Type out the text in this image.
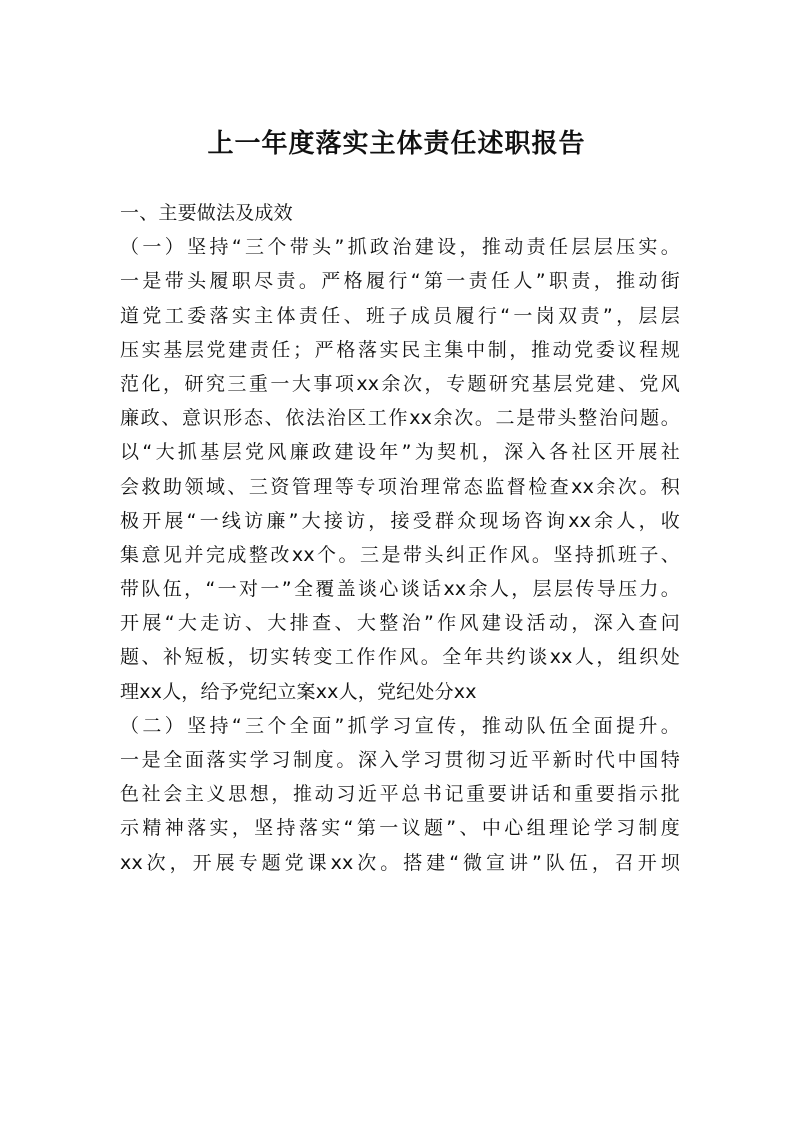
上一年度落实主体责任述职报告
一、主要做法及成效
（一）坚持“三个带头”抓政治建设，推动责任层层压实。
一是带头履职尽责。严格履行“第一责任人”职责，推动街
道党工委落实主体责任、班子成员履行“一岗双责”，层层
压实基层党建责任；严格落实民主集中制，推动党委议程规
范化，研究三重一大事项xx余次，专题研究基层党建、党风
廉政、意识形态、依法治区工作xx余次。二是带头整治问题。
以“大抓基层党风廉政建设年”为契机，深入各社区开展社
会救助领域、三资管理等专项治理常态监督检查xx余次。积
极开展“一线访廉”大接访，接受群众现场咨询xx余人，收
集意见并完成整改xx个。三是带头纠正作风。坚持抓班子、
带队伍，“一对一”全覆盖谈心谈话xx余人，层层传导压力。
开展“大走访、大排查、大整治”作风建设活动，深入查问
题、补短板，切实转变工作作风。全年共约谈xx人，组织处
理xx人，给予党纪立案xx人，党纪处分xx
（二）坚持“三个全面”抓学习宣传，推动队伍全面提升。
一是全面落实学习制度。深入学习贯彻习近平新时代中国特
色社会主义思想，推动习近平总书记重要讲话和重要指示批
示精神落实，坚持落实“第一议题”、中心组理论学习制度
xx次，开展专题党课xx次。搭建“微宣讲”队伍，召开坝
